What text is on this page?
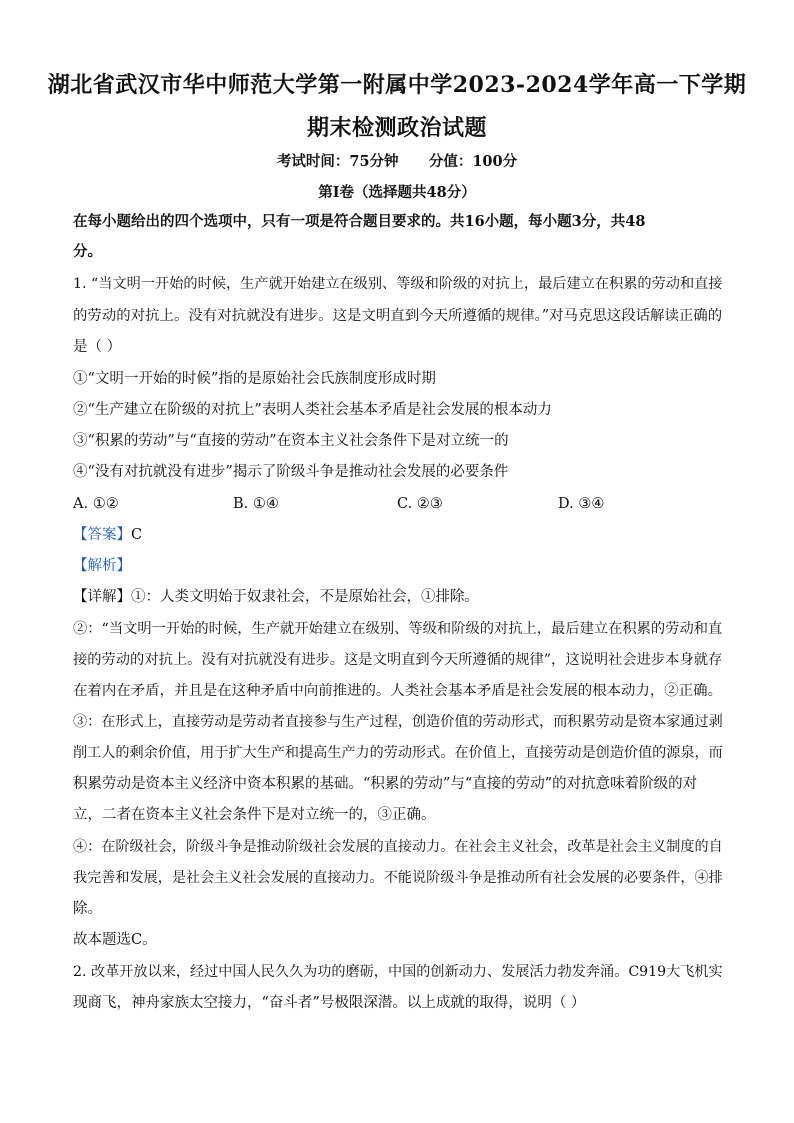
湖北省武汉市华中师范大学第一附属中学2023-2024学年高一下学期
期末检测政治试题
考试时间：75分钟 分值：100分
第Ⅰ卷（选择题共48分）
在每小题给出的四个选项中，只有一项是符合题目要求的。共16小题，每小题3分，共48
分。
1. “当文明一开始的时候，生产就开始建立在级别、等级和阶级的对抗上，最后建立在积累的劳动和直接
的劳动的对抗上。没有对抗就没有进步。这是文明直到今天所遵循的规律。”对马克思这段话解读正确的
是（ ）
①“文明一开始的时候”指的是原始社会氏族制度形成时期
②“生产建立在阶级的对抗上”表明人类社会基本矛盾是社会发展的根本动力
③“积累的劳动”与“直接的劳动”在资本主义社会条件下是对立统一的
④“没有对抗就没有进步”揭示了阶级斗争是推动社会发展的必要条件
A. ①②	B. ①④	C. ②③	D. ③④
【答案】C
【解析】
【详解】①：人类文明始于奴隶社会，不是原始社会，①排除。
②：“当文明一开始的时候，生产就开始建立在级别、等级和阶级的对抗上，最后建立在积累的劳动和直
接的劳动的对抗上。没有对抗就没有进步。这是文明直到今天所遵循的规律”，这说明社会进步本身就存
在着内在矛盾，并且是在这种矛盾中向前推进的。人类社会基本矛盾是社会发展的根本动力，②正确。
③：在形式上，直接劳动是劳动者直接参与生产过程，创造价值的劳动形式，而积累劳动是资本家通过剥
削工人的剩余价值，用于扩大生产和提高生产力的劳动形式。在价值上，直接劳动是创造价值的源泉，而
积累劳动是资本主义经济中资本积累的基础。“积累的劳动”与“直接的劳动”的对抗意味着阶级的对
立，二者在资本主义社会条件下是对立统一的，③正确。
④：在阶级社会，阶级斗争是推动阶级社会发展的直接动力。在社会主义社会，改革是社会主义制度的自
我完善和发展，是社会主义社会发展的直接动力。不能说阶级斗争是推动所有社会发展的必要条件，④排
除。
故本题选C。
2. 改革开放以来，经过中国人民久久为功的磨砺，中国的创新动力、发展活力勃发奔涌。C919大飞机实
现商飞，神舟家族太空接力，“奋斗者”号极限深潜。以上成就的取得，说明（ ）
